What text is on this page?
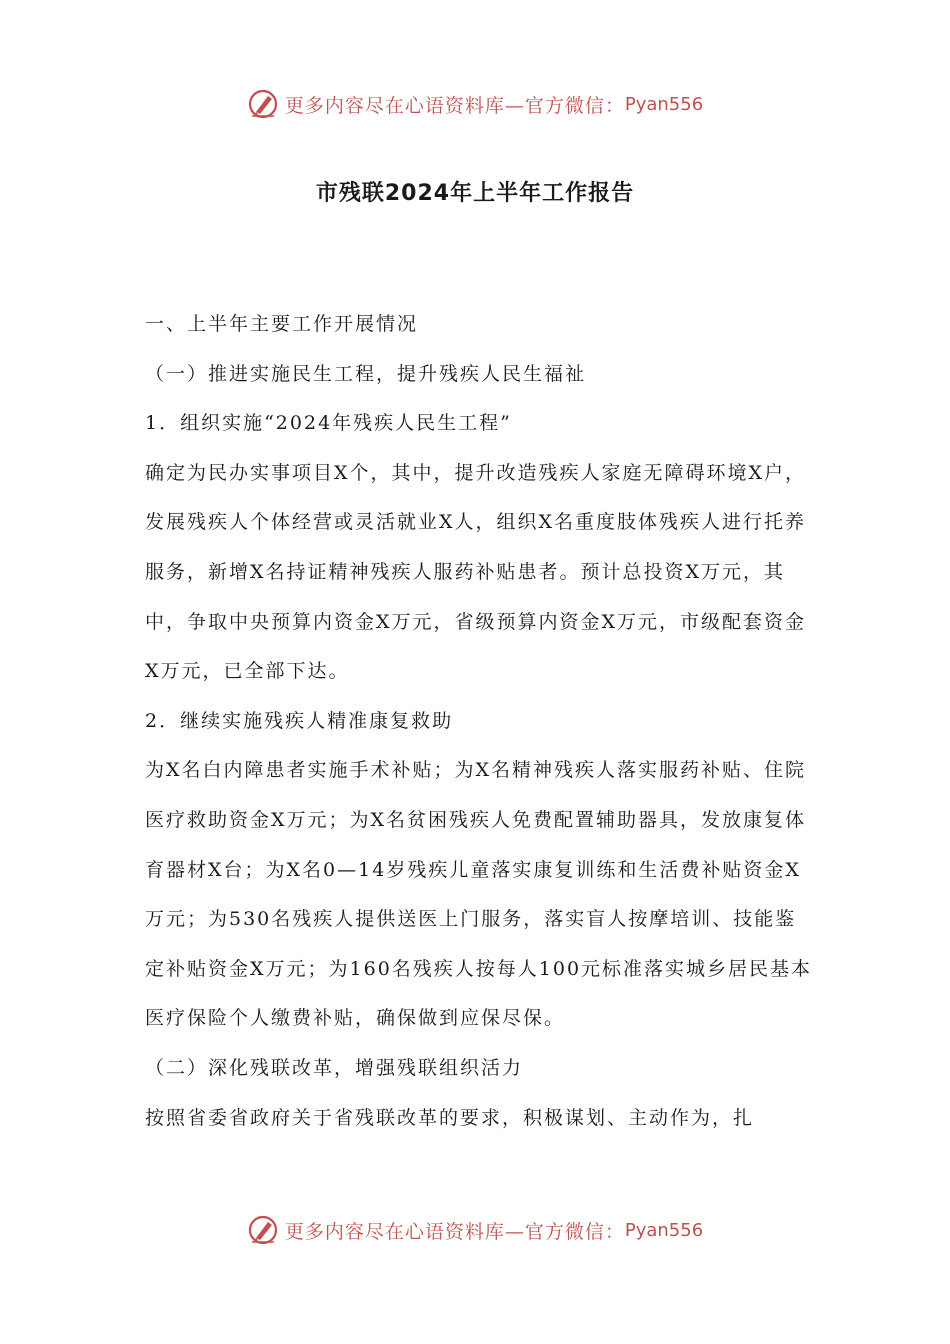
更多内容尽在心语资料库—官方微信： Pyan556
市残联2024年上半年工作报告

一、上半年主要工作开展情况

（一）推进实施民生工程，提升残疾人民生福祉

1．组织实施“2024年残疾人民生工程”

确定为民办实事项目X个，其中，提升改造残疾人家庭无障碍环境X户，发展残疾人个体经营或灵活就业X人，组织X名重度肢体残疾人进行托养服务，新增X名持证精神残疾人服药补贴患者。预计总投资X万元，其中，争取中央预算内资金X万元，省级预算内资金X万元，市级配套资金X万元，已全部下达。

2．继续实施残疾人精准康复救助

为X名白内障患者实施手术补贴；为X名精神残疾人落实服药补贴、住院医疗救助资金X万元；为X名贫困残疾人免费配置辅助器具，发放康复体育器材X台；为X名0—14岁残疾儿童落实康复训练和生活费补贴资金X万元；为530名残疾人提供送医上门服务，落实盲人按摩培训、技能鉴定补贴资金X万元；为160名残疾人按每人100元标准落实城乡居民基本医疗保险个人缴费补贴，确保做到应保尽保。

（二）深化残联改革，增强残联组织活力

按照省委省政府关于省残联改革的要求，积极谋划、主动作为，扎

更多内容尽在心语资料库—官方微信： Pyan556
